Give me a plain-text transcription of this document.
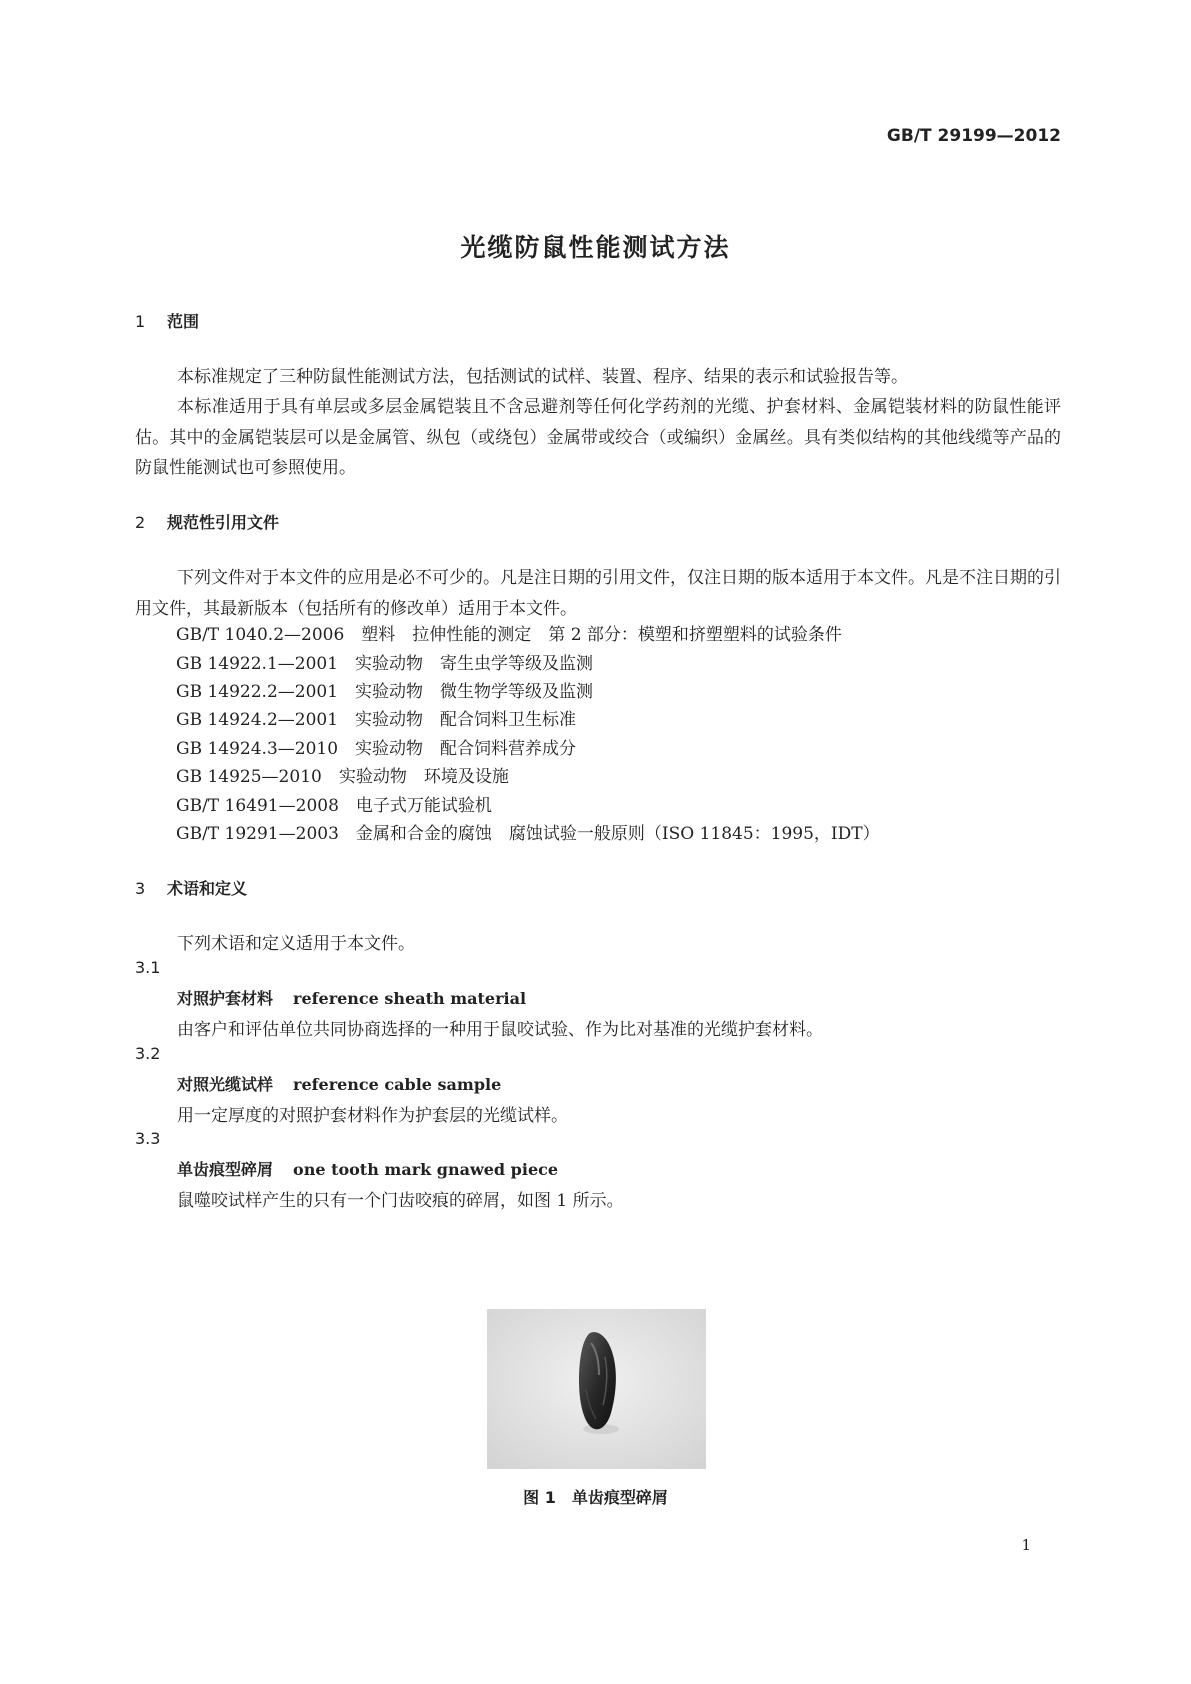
GB/T 29199—2012
光缆防鼠性能测试方法
1 范围
本标准规定了三种防鼠性能测试方法，包括测试的试样、装置、程序、结果的表示和试验报告等。
本标准适用于具有单层或多层金属铠装且不含忌避剂等任何化学药剂的光缆、护套材料、金属铠装材料的防鼠性能评估。其中的金属铠装层可以是金属管、纵包（或绕包）金属带或绞合（或编织）金属丝。具有类似结构的其他线缆等产品的防鼠性能测试也可参照使用。
2 规范性引用文件
下列文件对于本文件的应用是必不可少的。凡是注日期的引用文件，仅注日期的版本适用于本文件。凡是不注日期的引用文件，其最新版本（包括所有的修改单）适用于本文件。
GB/T 1040.2—2006　塑料　拉伸性能的测定　第 2 部分：模塑和挤塑塑料的试验条件
GB 14922.1—2001　实验动物　寄生虫学等级及监测
GB 14922.2—2001　实验动物　微生物学等级及监测
GB 14924.2—2001　实验动物　配合饲料卫生标准
GB 14924.3—2010　实验动物　配合饲料营养成分
GB 14925—2010　实验动物　环境及设施
GB/T 16491—2008　电子式万能试验机
GB/T 19291—2003　金属和合金的腐蚀　腐蚀试验一般原则（ISO 11845：1995，IDT）
3 术语和定义
下列术语和定义适用于本文件。
3.1
对照护套材料 reference sheath material
由客户和评估单位共同协商选择的一种用于鼠咬试验、作为比对基准的光缆护套材料。
3.2
对照光缆试样 reference cable sample
用一定厚度的对照护套材料作为护套层的光缆试样。
3.3
单齿痕型碎屑 one tooth mark gnawed piece
鼠噬咬试样产生的只有一个门齿咬痕的碎屑，如图 1 所示。
图 1　单齿痕型碎屑
1
